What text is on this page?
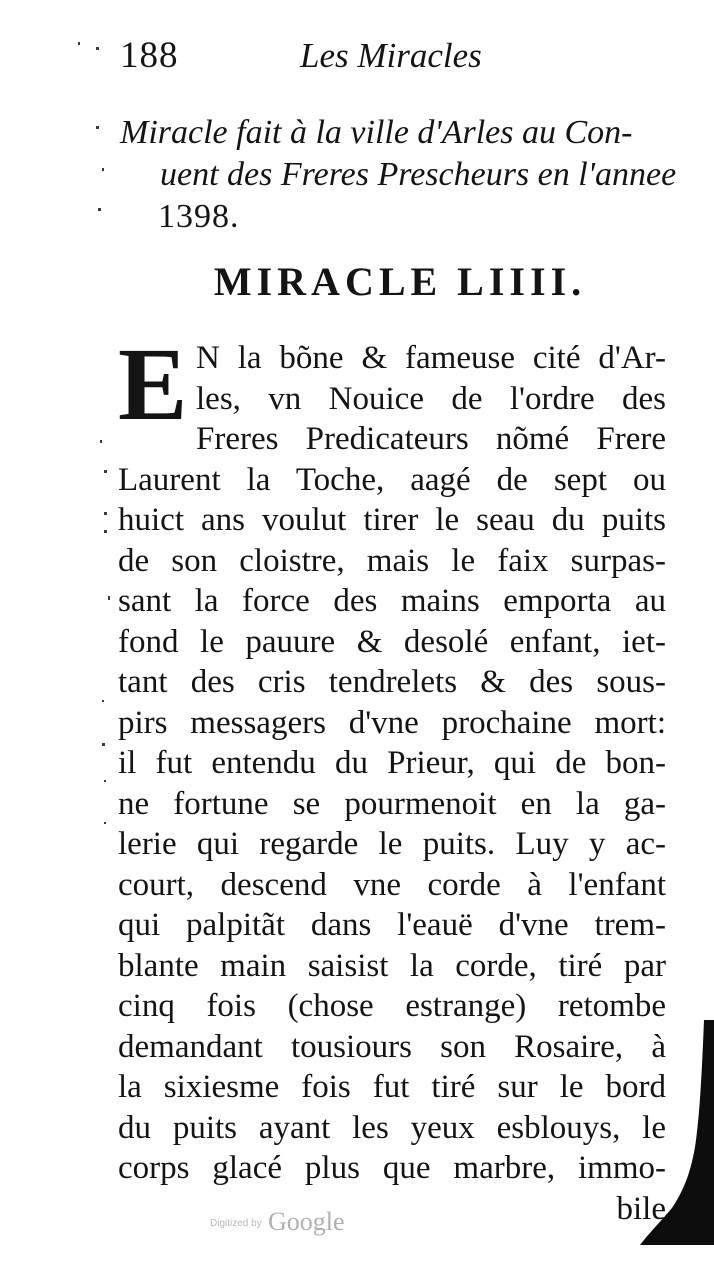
188	Les Miracles
Miracle fait à la ville d'Arles au Con-
uent des Freres Prescheurs en l'annee
1398.
MIRACLE LIIII.
E N la bõne & fameuse cité d'Ar-
les, vn Nouice de l'ordre des
Freres Predicateurs nõmé Frere
Laurent la Toche, aagé de sept ou
huict ans voulut tirer le seau du puits
de son cloistre, mais le faix surpas-
sant la force des mains emporta au
fond le pauure & desolé enfant, iet-
tant des cris tendrelets & des sous-
pirs messagers d'vne prochaine mort:
il fut entendu du Prieur, qui de bon-
ne fortune se pourmenoit en la ga-
lerie qui regarde le puits. Luy y ac-
court, descend vne corde à l'enfant
qui palpitãt dans l'eauë d'vne trem-
blante main saisist la corde, tiré par
cinq fois (chose estrange) retombe
demandant tousiours son Rosaire, à
la sixiesme fois fut tiré sur le bord
du puits ayant les yeux esblouys, le
corps glacé plus que marbre, immo-
bile
Digitized by Google
